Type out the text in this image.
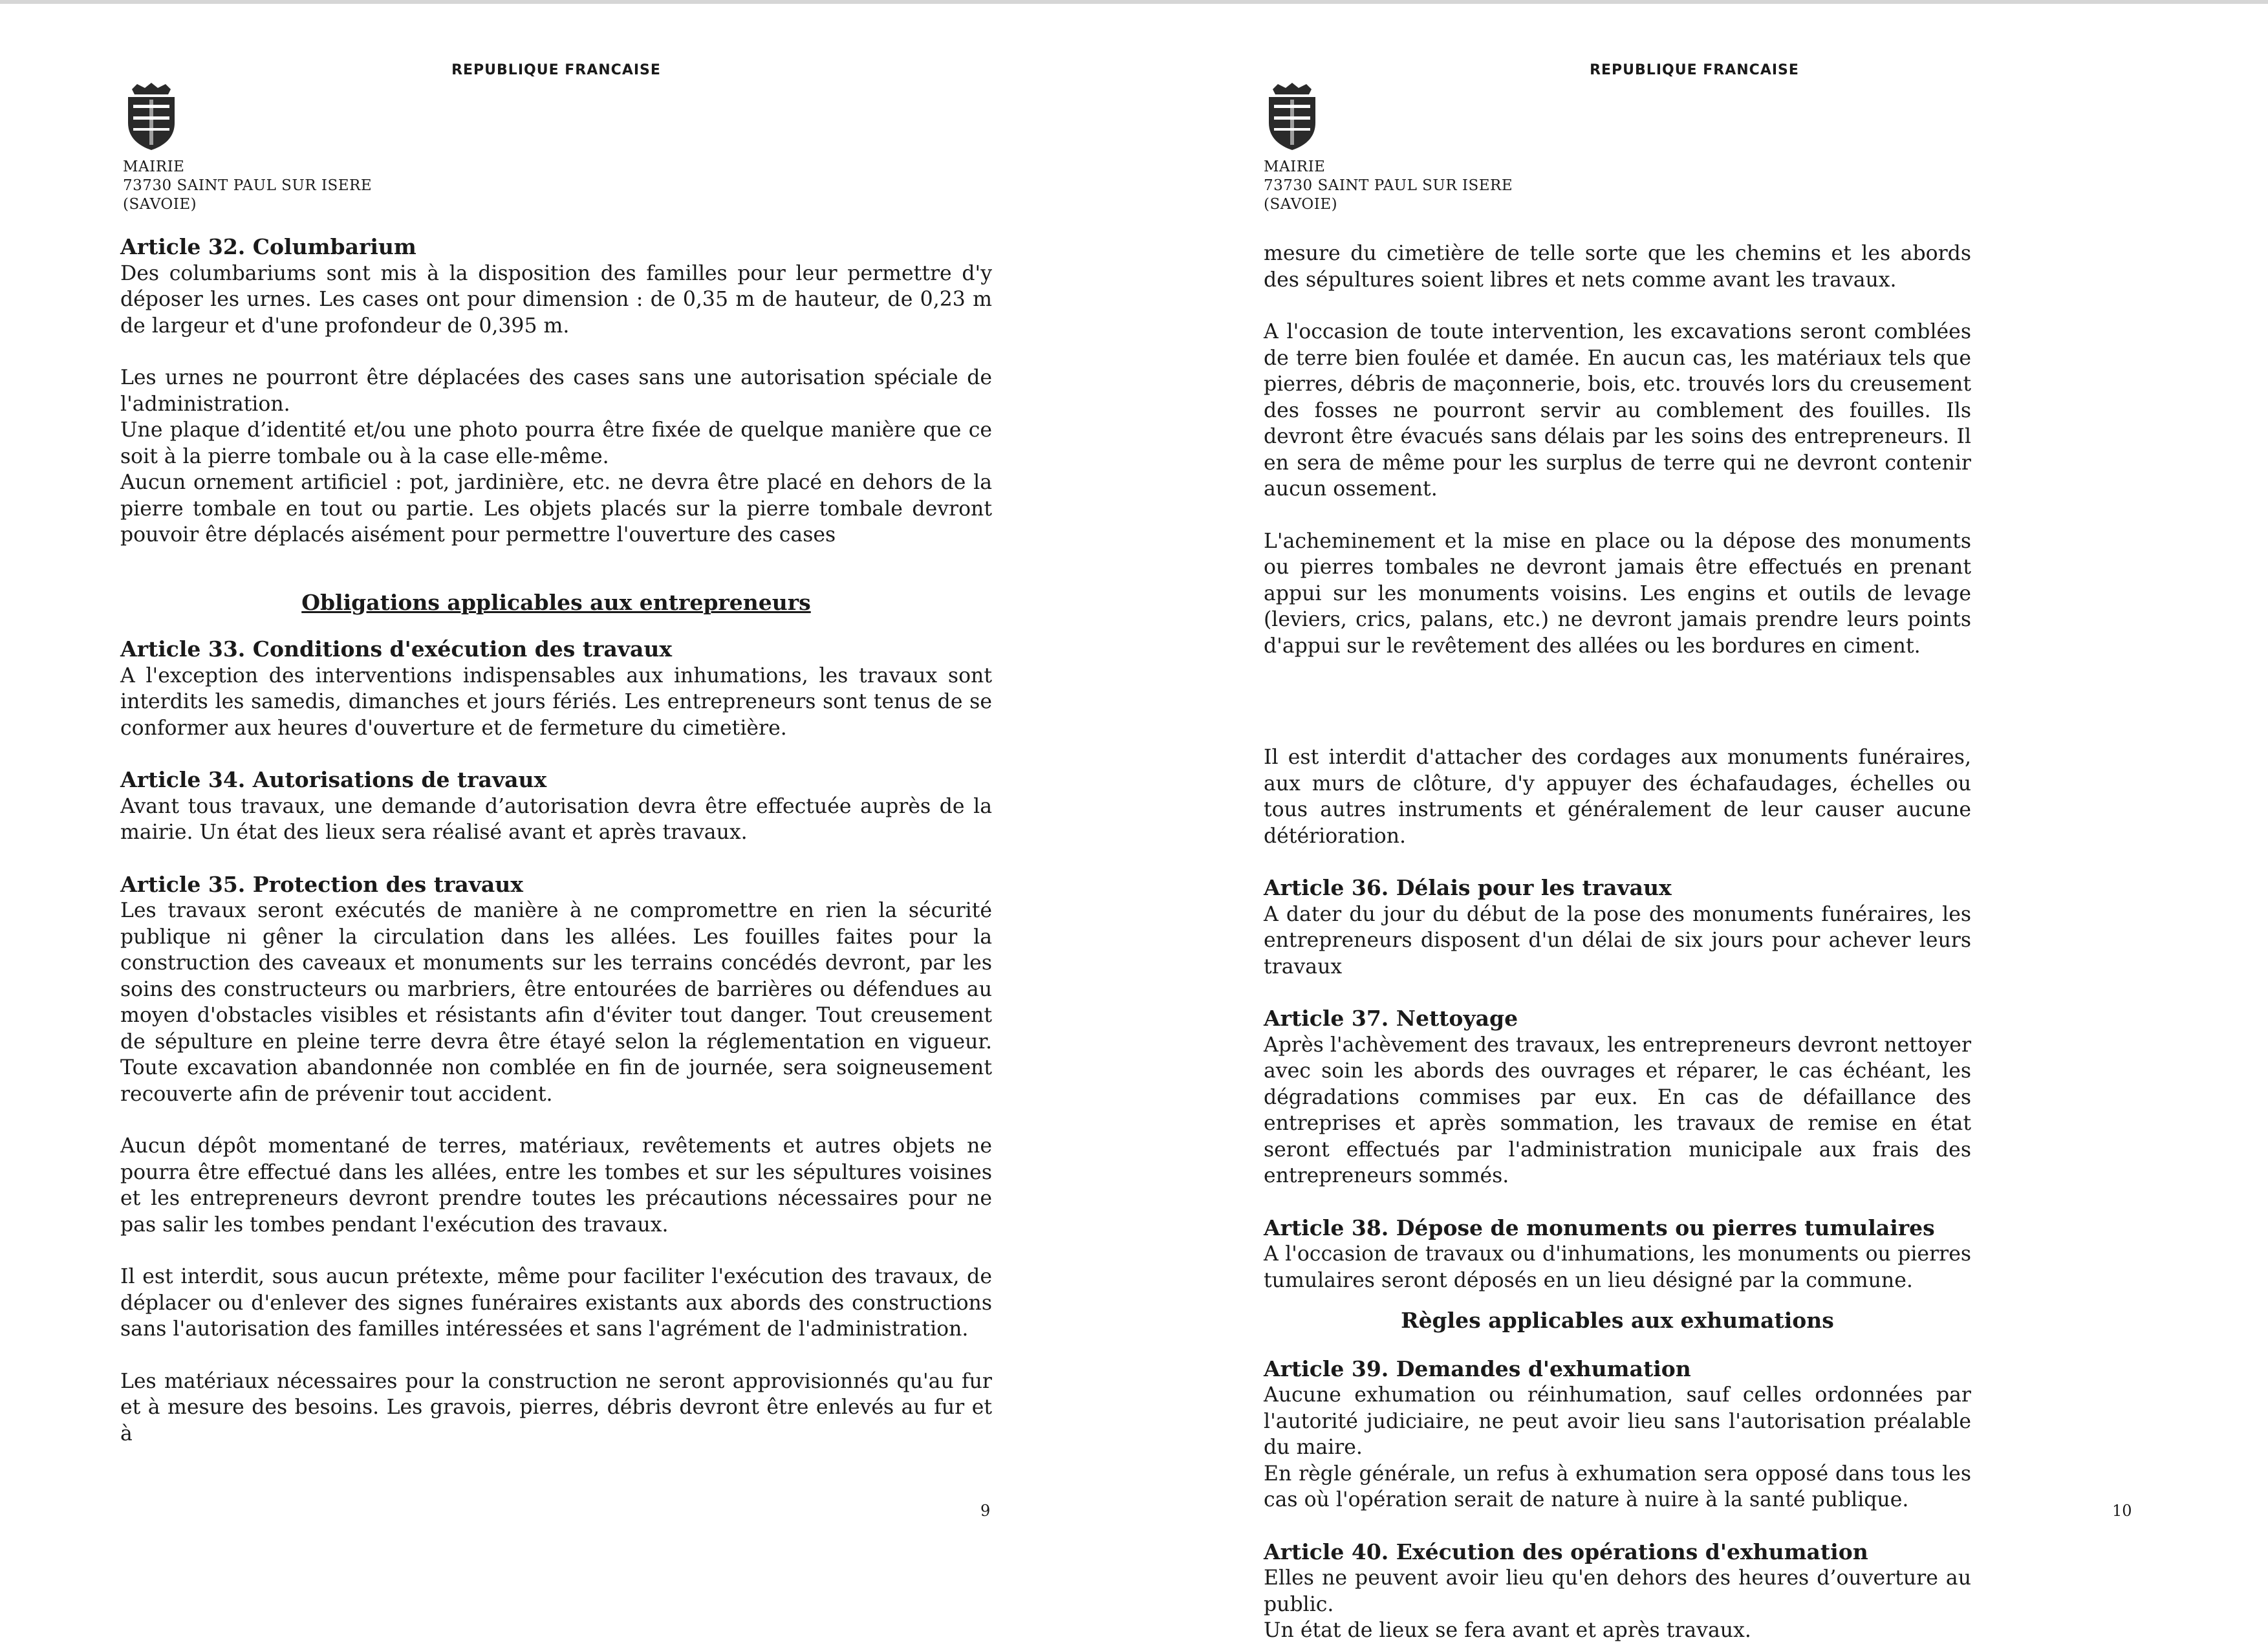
REPUBLIQUE FRANCAISE

MAIRIE
73730 SAINT PAUL SUR ISERE
(SAVOIE)

Article 32. Columbarium

Des columbariums sont mis à la disposition des familles pour leur permettre d'y déposer les urnes. Les cases ont pour dimension : de 0,35 m de hauteur, de 0,23 m de largeur et d'une profondeur de 0,395 m.

Les urnes ne pourront être déplacées des cases sans une autorisation spéciale de l'administration.

Une plaque d’identité et/ou une photo pourra être fixée de quelque manière que ce soit à la pierre tombale ou à la case elle-même.

Aucun ornement artificiel : pot, jardinière, etc. ne devra être placé en dehors de la pierre tombale en tout ou partie. Les objets placés sur la pierre tombale devront pouvoir être déplacés aisément pour permettre l'ouverture des cases

Obligations applicables aux entrepreneurs

Article 33. Conditions d'exécution des travaux

A l'exception des interventions indispensables aux inhumations, les travaux sont interdits les samedis, dimanches et jours fériés. Les entrepreneurs sont tenus de se conformer aux heures d'ouverture et de fermeture du cimetière.

Article 34. Autorisations de travaux

Avant tous travaux, une demande d’autorisation devra être effectuée auprès de la mairie. Un état des lieux sera réalisé avant et après travaux.

Article 35. Protection des travaux

Les travaux seront exécutés de manière à ne compromettre en rien la sécurité publique ni gêner la circulation dans les allées. Les fouilles faites pour la construction des caveaux et monuments sur les terrains concédés devront, par les soins des constructeurs ou marbriers, être entourées de barrières ou défendues au moyen d'obstacles visibles et résistants afin d'éviter tout danger. Tout creusement de sépulture en pleine terre devra être étayé selon la réglementation en vigueur. Toute excavation abandonnée non comblée en fin de journée, sera soigneusement recouverte afin de prévenir tout accident.

Aucun dépôt momentané de terres, matériaux, revêtements et autres objets ne pourra être effectué dans les allées, entre les tombes et sur les sépultures voisines et les entrepreneurs devront prendre toutes les précautions nécessaires pour ne pas salir les tombes pendant l'exécution des travaux.

Il est interdit, sous aucun prétexte, même pour faciliter l'exécution des travaux, de déplacer ou d'enlever des signes funéraires existants aux abords des constructions sans l'autorisation des familles intéressées et sans l'agrément de l'administration.

Les matériaux nécessaires pour la construction ne seront approvisionnés qu'au fur et à mesure des besoins. Les gravois, pierres, débris devront être enlevés au fur et à

9

REPUBLIQUE FRANCAISE

MAIRIE
73730 SAINT PAUL SUR ISERE
(SAVOIE)

mesure du cimetière de telle sorte que les chemins et les abords des sépultures soient libres et nets comme avant les travaux.

A l'occasion de toute intervention, les excavations seront comblées de terre bien foulée et damée. En aucun cas, les matériaux tels que pierres, débris de maçonnerie, bois, etc. trouvés lors du creusement des fosses ne pourront servir au comblement des fouilles. Ils devront être évacués sans délais par les soins des entrepreneurs. Il en sera de même pour les surplus de terre qui ne devront contenir aucun ossement.

L'acheminement et la mise en place ou la dépose des monuments ou pierres tombales ne devront jamais être effectués en prenant appui sur les monuments voisins. Les engins et outils de levage (leviers, crics, palans, etc.) ne devront jamais prendre leurs points d'appui sur le revêtement des allées ou les bordures en ciment.

Il est interdit d'attacher des cordages aux monuments funéraires, aux murs de clôture, d'y appuyer des échafaudages, échelles ou tous autres instruments et généralement de leur causer aucune détérioration.

Article 36. Délais pour les travaux

A dater du jour du début de la pose des monuments funéraires, les entrepreneurs disposent d'un délai de six jours pour achever leurs travaux

Article 37. Nettoyage

Après l'achèvement des travaux, les entrepreneurs devront nettoyer avec soin les abords des ouvrages et réparer, le cas échéant, les dégradations commises par eux. En cas de défaillance des entreprises et après sommation, les travaux de remise en état seront effectués par l'administration municipale aux frais des entrepreneurs sommés.

Article 38. Dépose de monuments ou pierres tumulaires

A l'occasion de travaux ou d'inhumations, les monuments ou pierres tumulaires seront déposés en un lieu désigné par la commune.

Règles applicables aux exhumations

Article 39. Demandes d'exhumation

Aucune exhumation ou réinhumation, sauf celles ordonnées par l'autorité judiciaire, ne peut avoir lieu sans l'autorisation préalable du maire.

En règle générale, un refus à exhumation sera opposé dans tous les cas où l'opération serait de nature à nuire à la santé publique.

Article 40. Exécution des opérations d'exhumation

Elles ne peuvent avoir lieu qu'en dehors des heures d’ouverture au public.

Un état de lieux se fera avant et après travaux.

10
